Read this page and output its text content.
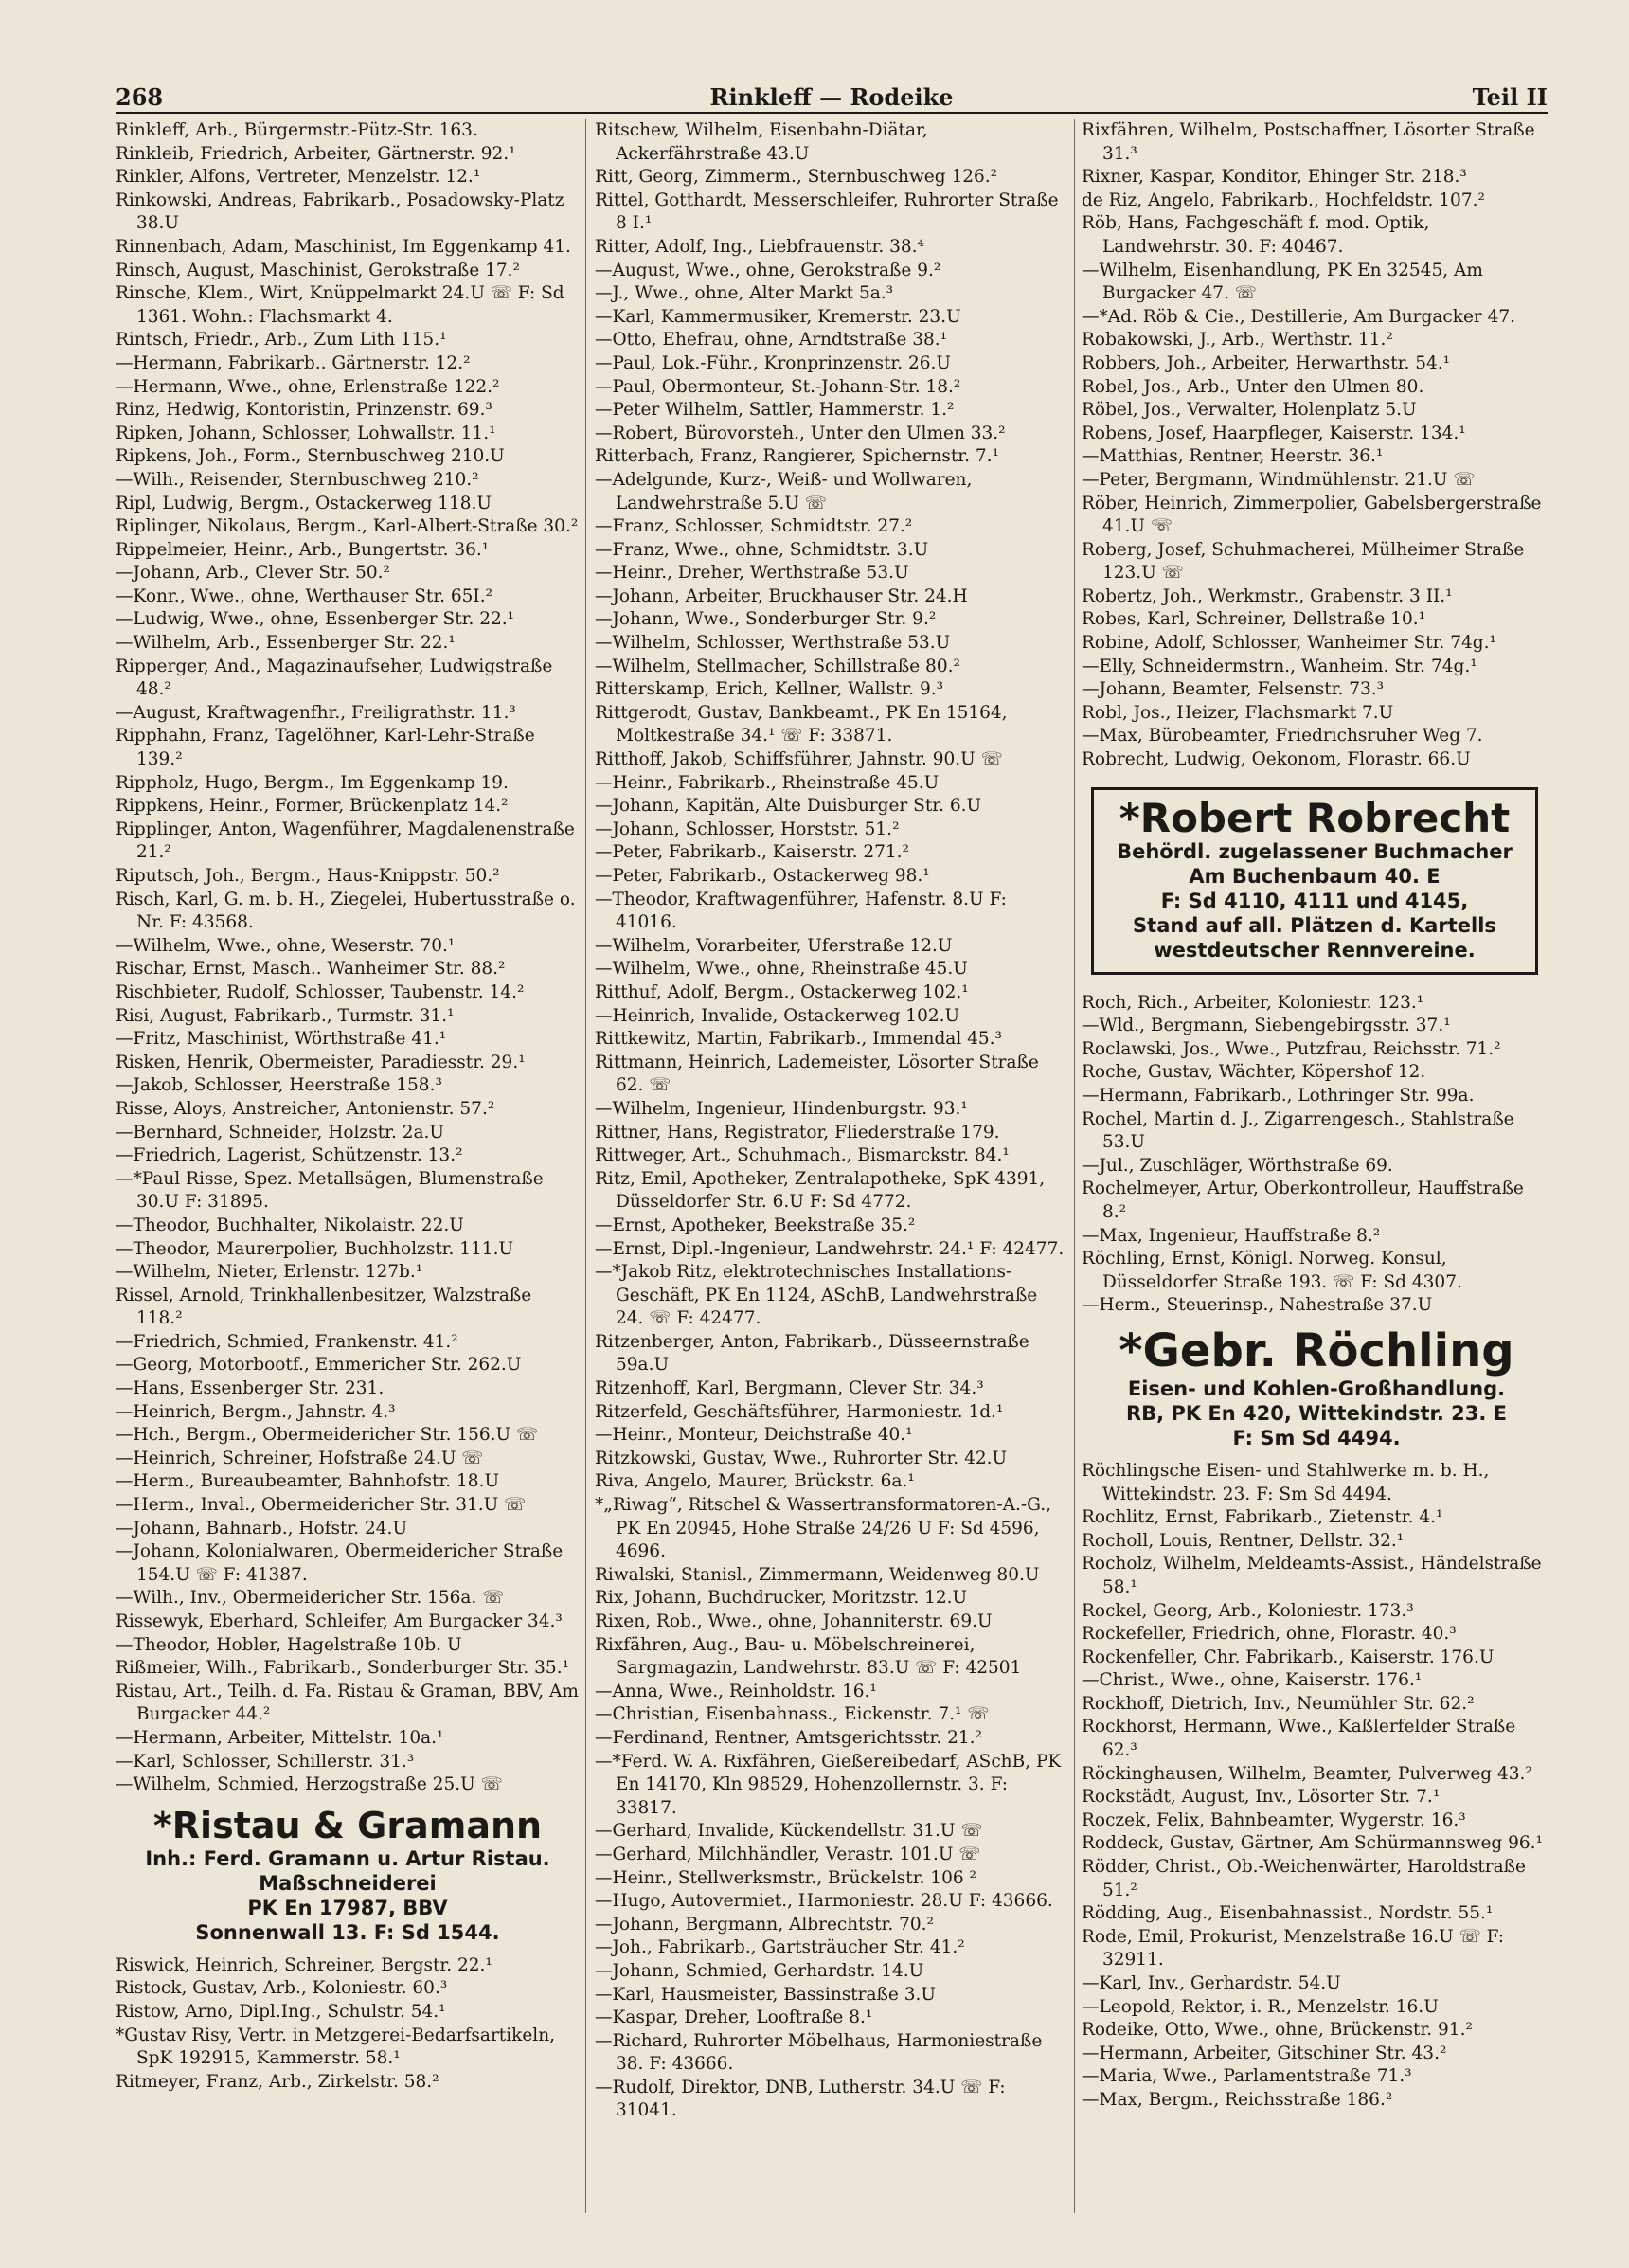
268	Rinkleff — Rodeike	Teil II
Rinkleff, Arb., Bürgermstr.-Pütz-Str. 163.
Rinkleib, Friedrich, Arbeiter, Gärtnerstr. 92.¹
Rinkler, Alfons, Vertreter, Menzelstr. 12.¹
Rinkowski, Andreas, Fabrikarb., Posadowsky-Platz 38.U
Rinnenbach, Adam, Maschinist, Im Eggenkamp 41.
Rinsch, August, Maschinist, Gerokstraße 17.²
Rinsche, Klem., Wirt, Knüppelmarkt 24.U ☏ F: Sd 1361. Wohn.: Flachsmarkt 4.
Rintsch, Friedr., Arb., Zum Lith 115.¹
—Hermann, Fabrikarb.. Gärtnerstr. 12.²
—Hermann, Wwe., ohne, Erlenstraße 122.²
Rinz, Hedwig, Kontoristin, Prinzenstr. 69.³
Ripken, Johann, Schlosser, Lohwallstr. 11.¹
Ripkens, Joh., Form., Sternbuschweg 210.U
—Wilh., Reisender, Sternbuschweg 210.²
Ripl, Ludwig, Bergm., Ostackerweg 118.U
Riplinger, Nikolaus, Bergm., Karl-Albert-Straße 30.²
Rippelmeier, Heinr., Arb., Bungertstr. 36.¹
—Johann, Arb., Clever Str. 50.²
—Konr., Wwe., ohne, Werthauser Str. 65I.²
—Ludwig, Wwe., ohne, Essenberger Str. 22.¹
—Wilhelm, Arb., Essenberger Str. 22.¹
Ripperger, And., Magazinaufseher, Ludwigstraße 48.²
—August, Kraftwagenfhr., Freiligrathstr. 11.³
Ripphahn, Franz, Tagelöhner, Karl-Lehr-Straße 139.²
Rippholz, Hugo, Bergm., Im Eggenkamp 19.
Rippkens, Heinr., Former, Brückenplatz 14.²
Ripplinger, Anton, Wagenführer, Magdalenenstraße 21.²
Riputsch, Joh., Bergm., Haus-Knippstr. 50.²
Risch, Karl, G. m. b. H., Ziegelei, Hubertusstraße o. Nr. F: 43568.
—Wilhelm, Wwe., ohne, Weserstr. 70.¹
Rischar, Ernst, Masch.. Wanheimer Str. 88.²
Rischbieter, Rudolf, Schlosser, Taubenstr. 14.²
Risi, August, Fabrikarb., Turmstr. 31.¹
—Fritz, Maschinist, Wörthstraße 41.¹
Risken, Henrik, Obermeister, Paradiesstr. 29.¹
—Jakob, Schlosser, Heerstraße 158.³
Risse, Aloys, Anstreicher, Antonienstr. 57.²
—Bernhard, Schneider, Holzstr. 2a.U
—Friedrich, Lagerist, Schützenstr. 13.²
—*Paul Risse, Spez. Metallsägen, Blumenstraße 30.U F: 31895.
—Theodor, Buchhalter, Nikolaistr. 22.U
—Theodor, Maurerpolier, Buchholzstr. 111.U
—Wilhelm, Nieter, Erlenstr. 127b.¹
Rissel, Arnold, Trinkhallenbesitzer, Walzstraße 118.²
—Friedrich, Schmied, Frankenstr. 41.²
—Georg, Motorbootf., Emmericher Str. 262.U
—Hans, Essenberger Str. 231.
—Heinrich, Bergm., Jahnstr. 4.³
—Hch., Bergm., Obermeidericher Str. 156.U ☏
—Heinrich, Schreiner, Hofstraße 24.U ☏
—Herm., Bureaubeamter, Bahnhofstr. 18.U
—Herm., Inval., Obermeidericher Str. 31.U ☏
—Johann, Bahnarb., Hofstr. 24.U
—Johann, Kolonialwaren, Obermeidericher Straße 154.U ☏ F: 41387.
—Wilh., Inv., Obermeidericher Str. 156a. ☏
Rissewyk, Eberhard, Schleifer, Am Burgacker 34.³
—Theodor, Hobler, Hagelstraße 10b. U
Rißmeier, Wilh., Fabrikarb., Sonderburger Str. 35.¹
Ristau, Art., Teilh. d. Fa. Ristau & Graman, BBV, Am Burgacker 44.²
—Hermann, Arbeiter, Mittelstr. 10a.¹
—Karl, Schlosser, Schillerstr. 31.³
—Wilhelm, Schmied, Herzogstraße 25.U ☏
*Ristau & Gramann
Inh.: Ferd. Gramann u. Artur Ristau.
Maßschneiderei
PK En 17987, BBV
Sonnenwall 13. F: Sd 1544.
Riswick, Heinrich, Schreiner, Bergstr. 22.¹
Ristock, Gustav, Arb., Koloniestr. 60.³
Ristow, Arno, Dipl.Ing., Schulstr. 54.¹
*Gustav Risy, Vertr. in Metzgerei-Bedarfsartikeln, SpK 192915, Kammerstr. 58.¹
Ritmeyer, Franz, Arb., Zirkelstr. 58.²
Ritschew, Wilhelm, Eisenbahn-Diätar, Ackerfährstraße 43.U
Ritt, Georg, Zimmerm., Sternbuschweg 126.²
Rittel, Gotthardt, Messerschleifer, Ruhrorter Straße 8 I.¹
Ritter, Adolf, Ing., Liebfrauenstr. 38.⁴
—August, Wwe., ohne, Gerokstraße 9.²
—J., Wwe., ohne, Alter Markt 5a.³
—Karl, Kammermusiker, Kremerstr. 23.U
—Otto, Ehefrau, ohne, Arndtstraße 38.¹
—Paul, Lok.-Führ., Kronprinzenstr. 26.U
—Paul, Obermonteur, St.-Johann-Str. 18.²
—Peter Wilhelm, Sattler, Hammerstr. 1.²
—Robert, Bürovorsteh., Unter den Ulmen 33.²
Ritterbach, Franz, Rangierer, Spichernstr. 7.¹
—Adelgunde, Kurz-, Weiß- und Wollwaren, Landwehrstraße 5.U ☏
—Franz, Schlosser, Schmidtstr. 27.²
—Franz, Wwe., ohne, Schmidtstr. 3.U
—Heinr., Dreher, Werthstraße 53.U
—Johann, Arbeiter, Bruckhauser Str. 24.H
—Johann, Wwe., Sonderburger Str. 9.²
—Wilhelm, Schlosser, Werthstraße 53.U
—Wilhelm, Stellmacher, Schillstraße 80.²
Ritterskamp, Erich, Kellner, Wallstr. 9.³
Rittgerodt, Gustav, Bankbeamt., PK En 15164, Moltkestraße 34.¹ ☏ F: 33871.
Ritthoff, Jakob, Schiffsführer, Jahnstr. 90.U ☏
—Heinr., Fabrikarb., Rheinstraße 45.U
—Johann, Kapitän, Alte Duisburger Str. 6.U
—Johann, Schlosser, Horststr. 51.²
—Peter, Fabrikarb., Kaiserstr. 271.²
—Peter, Fabrikarb., Ostackerweg 98.¹
—Theodor, Kraftwagenführer, Hafenstr. 8.U F: 41016.
—Wilhelm, Vorarbeiter, Uferstraße 12.U
—Wilhelm, Wwe., ohne, Rheinstraße 45.U
Ritthuf, Adolf, Bergm., Ostackerweg 102.¹
—Heinrich, Invalide, Ostackerweg 102.U
Rittkewitz, Martin, Fabrikarb., Immendal 45.³
Rittmann, Heinrich, Lademeister, Lösorter Straße 62. ☏
—Wilhelm, Ingenieur, Hindenburgstr. 93.¹
Rittner, Hans, Registrator, Fliederstraße 179.
Rittweger, Art., Schuhmach., Bismarckstr. 84.¹
Ritz, Emil, Apotheker, Zentralapotheke, SpK 4391, Düsseldorfer Str. 6.U F: Sd 4772.
—Ernst, Apotheker, Beekstraße 35.²
—Ernst, Dipl.-Ingenieur, Landwehrstr. 24.¹ F: 42477.
—*Jakob Ritz, elektrotechnisches Installations-Geschäft, PK En 1124, ASchB, Landwehrstraße 24. ☏ F: 42477.
Ritzenberger, Anton, Fabrikarb., Düsseernstraße 59a.U
Ritzenhoff, Karl, Bergmann, Clever Str. 34.³
Ritzerfeld, Geschäftsführer, Harmoniestr. 1d.¹
—Heinr., Monteur, Deichstraße 40.¹
Ritzkowski, Gustav, Wwe., Ruhrorter Str. 42.U
Riva, Angelo, Maurer, Brückstr. 6a.¹
*„Riwag“, Ritschel & Wassertransformatoren-A.-G., PK En 20945, Hohe Straße 24/26 U F: Sd 4596, 4696.
Riwalski, Stanisl., Zimmermann, Weidenweg 80.U
Rix, Johann, Buchdrucker, Moritzstr. 12.U
Rixen, Rob., Wwe., ohne, Johanniterstr. 69.U
Rixfähren, Aug., Bau- u. Möbelschreinerei, Sargmagazin, Landwehrstr. 83.U ☏ F: 42501
—Anna, Wwe., Reinholdstr. 16.¹
—Christian, Eisenbahnass., Eickenstr. 7.¹ ☏
—Ferdinand, Rentner, Amtsgerichtsstr. 21.²
—*Ferd. W. A. Rixfähren, Gießereibedarf, ASchB, PK En 14170, Kln 98529, Hohenzollernstr. 3. F: 33817.
—Gerhard, Invalide, Kückendellstr. 31.U ☏
—Gerhard, Milchhändler, Verastr. 101.U ☏
—Heinr., Stellwerksmstr., Brückelstr. 106 ²
—Hugo, Autovermiet., Harmoniestr. 28.U F: 43666.
—Johann, Bergmann, Albrechtstr. 70.²
—Joh., Fabrikarb., Gartsträucher Str. 41.²
—Johann, Schmied, Gerhardstr. 14.U
—Karl, Hausmeister, Bassinstraße 3.U
—Kaspar, Dreher, Looftraße 8.¹
—Richard, Ruhrorter Möbelhaus, Harmoniestraße 38. F: 43666.
—Rudolf, Direktor, DNB, Lutherstr. 34.U ☏ F: 31041.
Rixfähren, Wilhelm, Postschaffner, Lösorter Straße 31.³
Rixner, Kaspar, Konditor, Ehinger Str. 218.³
de Riz, Angelo, Fabrikarb., Hochfeldstr. 107.²
Röb, Hans, Fachgeschäft f. mod. Optik, Landwehrstr. 30. F: 40467.
—Wilhelm, Eisenhandlung, PK En 32545, Am Burgacker 47. ☏
—*Ad. Röb & Cie., Destillerie, Am Burgacker 47.
Robakowski, J., Arb., Werthstr. 11.²
Robbers, Joh., Arbeiter, Herwarthstr. 54.¹
Robel, Jos., Arb., Unter den Ulmen 80.
Röbel, Jos., Verwalter, Holenplatz 5.U
Robens, Josef, Haarpfleger, Kaiserstr. 134.¹
—Matthias, Rentner, Heerstr. 36.¹
—Peter, Bergmann, Windmühlenstr. 21.U ☏
Röber, Heinrich, Zimmerpolier, Gabelsbergerstraße 41.U ☏
Roberg, Josef, Schuhmacherei, Mülheimer Straße 123.U ☏
Robertz, Joh., Werkmstr., Grabenstr. 3 II.¹
Robes, Karl, Schreiner, Dellstraße 10.¹
Robine, Adolf, Schlosser, Wanheimer Str. 74g.¹
—Elly, Schneidermstrn., Wanheim. Str. 74g.¹
—Johann, Beamter, Felsenstr. 73.³
Robl, Jos., Heizer, Flachsmarkt 7.U
—Max, Bürobeamter, Friedrichsruher Weg 7.
Robrecht, Ludwig, Oekonom, Florastr. 66.U
*Robert Robrecht
Behördl. zugelassener Buchmacher
Am Buchenbaum 40. E
F: Sd 4110, 4111 und 4145,
Stand auf all. Plätzen d. Kartells
westdeutscher Rennvereine.
Roch, Rich., Arbeiter, Koloniestr. 123.¹
—Wld., Bergmann, Siebengebirgsstr. 37.¹
Roclawski, Jos., Wwe., Putzfrau, Reichsstr. 71.²
Roche, Gustav, Wächter, Köpershof 12.
—Hermann, Fabrikarb., Lothringer Str. 99a.
Rochel, Martin d. J., Zigarrengesch., Stahlstraße 53.U
—Jul., Zuschläger, Wörthstraße 69.
Rochelmeyer, Artur, Oberkontrolleur, Hauffstraße 8.²
—Max, Ingenieur, Hauffstraße 8.²
Röchling, Ernst, Königl. Norweg. Konsul, Düsseldorfer Straße 193. ☏ F: Sd 4307.
—Herm., Steuerinsp., Nahestraße 37.U
*Gebr. Röchling
Eisen- und Kohlen-Großhandlung.
RB, PK En 420, Wittekindstr. 23. E
F: Sm Sd 4494.
Röchlingsche Eisen- und Stahlwerke m. b. H., Wittekindstr. 23. F: Sm Sd 4494.
Rochlitz, Ernst, Fabrikarb., Zietenstr. 4.¹
Rocholl, Louis, Rentner, Dellstr. 32.¹
Rocholz, Wilhelm, Meldeamts-Assist., Händelstraße 58.¹
Rockel, Georg, Arb., Koloniestr. 173.³
Rockefeller, Friedrich, ohne, Florastr. 40.³
Rockenfeller, Chr. Fabrikarb., Kaiserstr. 176.U
—Christ., Wwe., ohne, Kaiserstr. 176.¹
Rockhoff, Dietrich, Inv., Neumühler Str. 62.²
Rockhorst, Hermann, Wwe., Kaßlerfelder Straße 62.³
Röckinghausen, Wilhelm, Beamter, Pulverweg 43.²
Rockstädt, August, Inv., Lösorter Str. 7.¹
Roczek, Felix, Bahnbeamter, Wygerstr. 16.³
Roddeck, Gustav, Gärtner, Am Schürmannsweg 96.¹
Rödder, Christ., Ob.-Weichenwärter, Haroldstraße 51.²
Rödding, Aug., Eisenbahnassist., Nordstr. 55.¹
Rode, Emil, Prokurist, Menzelstraße 16.U ☏ F: 32911.
—Karl, Inv., Gerhardstr. 54.U
—Leopold, Rektor, i. R., Menzelstr. 16.U
Rodeike, Otto, Wwe., ohne, Brückenstr. 91.²
—Hermann, Arbeiter, Gitschiner Str. 43.²
—Maria, Wwe., Parlamentstraße 71.³
—Max, Bergm., Reichsstraße 186.²
